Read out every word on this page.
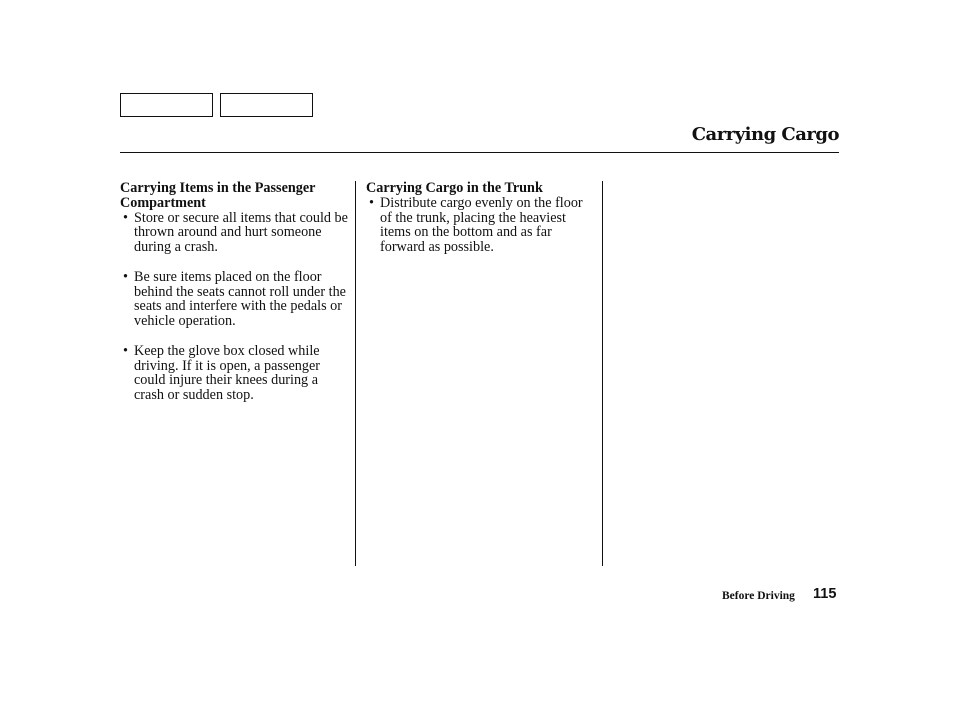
Carrying Cargo

Carrying Items in the Passenger Compartment

• Store or secure all items that could be thrown around and hurt someone during a crash.
• Be sure items placed on the floor behind the seats cannot roll under the seats and interfere with the pedals or vehicle operation.
• Keep the glove box closed while driving. If it is open, a passenger could injure their knees during a crash or sudden stop.

Carrying Cargo in the Trunk

• Distribute cargo evenly on the floor of the trunk, placing the heaviest items on the bottom and as far forward as possible.
Before Driving 115
